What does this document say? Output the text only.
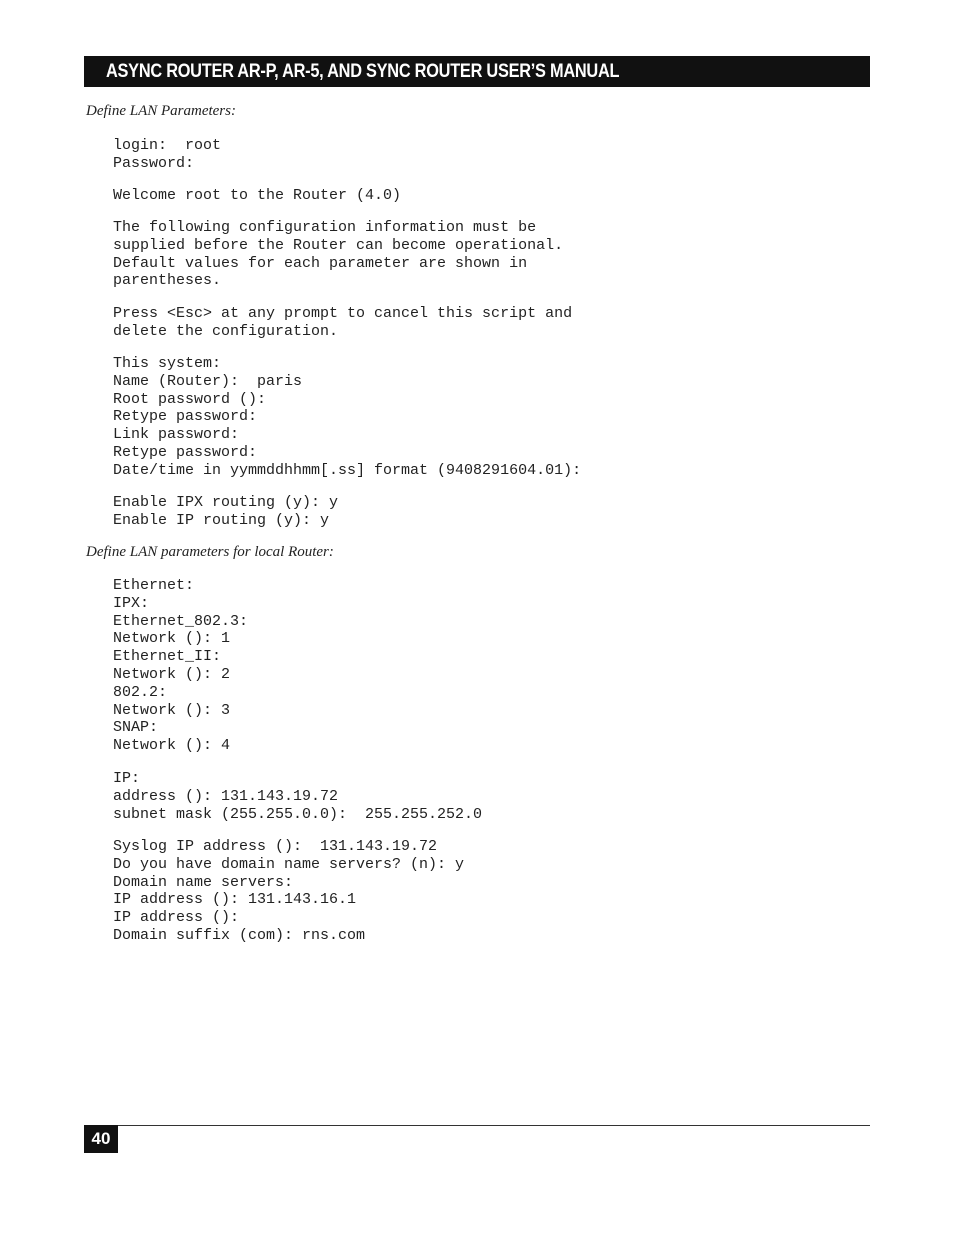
ASYNC ROUTER AR-P, AR-5, AND SYNC ROUTER USER’S MANUAL
Define LAN Parameters:
login:  root
Password:
Welcome root to the Router (4.0)
The following configuration information must be
supplied before the Router can become operational.
Default values for each parameter are shown in
parentheses.
Press <Esc> at any prompt to cancel this script and
delete the configuration.
This system:
Name (Router):  paris
Root password ():
Retype password:
Link password:
Retype password:
Date/time in yymmddhhmm[.ss] format (9408291604.01):
Enable IPX routing (y): y
Enable IP routing (y): y
Define LAN parameters for local Router:
Ethernet:
IPX:
Ethernet_802.3:
Network (): 1
Ethernet_II:
Network (): 2
802.2:
Network (): 3
SNAP:
Network (): 4
IP:
address (): 131.143.19.72
subnet mask (255.255.0.0):  255.255.252.0
Syslog IP address ():  131.143.19.72
Do you have domain name servers? (n): y
Domain name servers:
IP address (): 131.143.16.1
IP address ():
Domain suffix (com): rns.com
40
